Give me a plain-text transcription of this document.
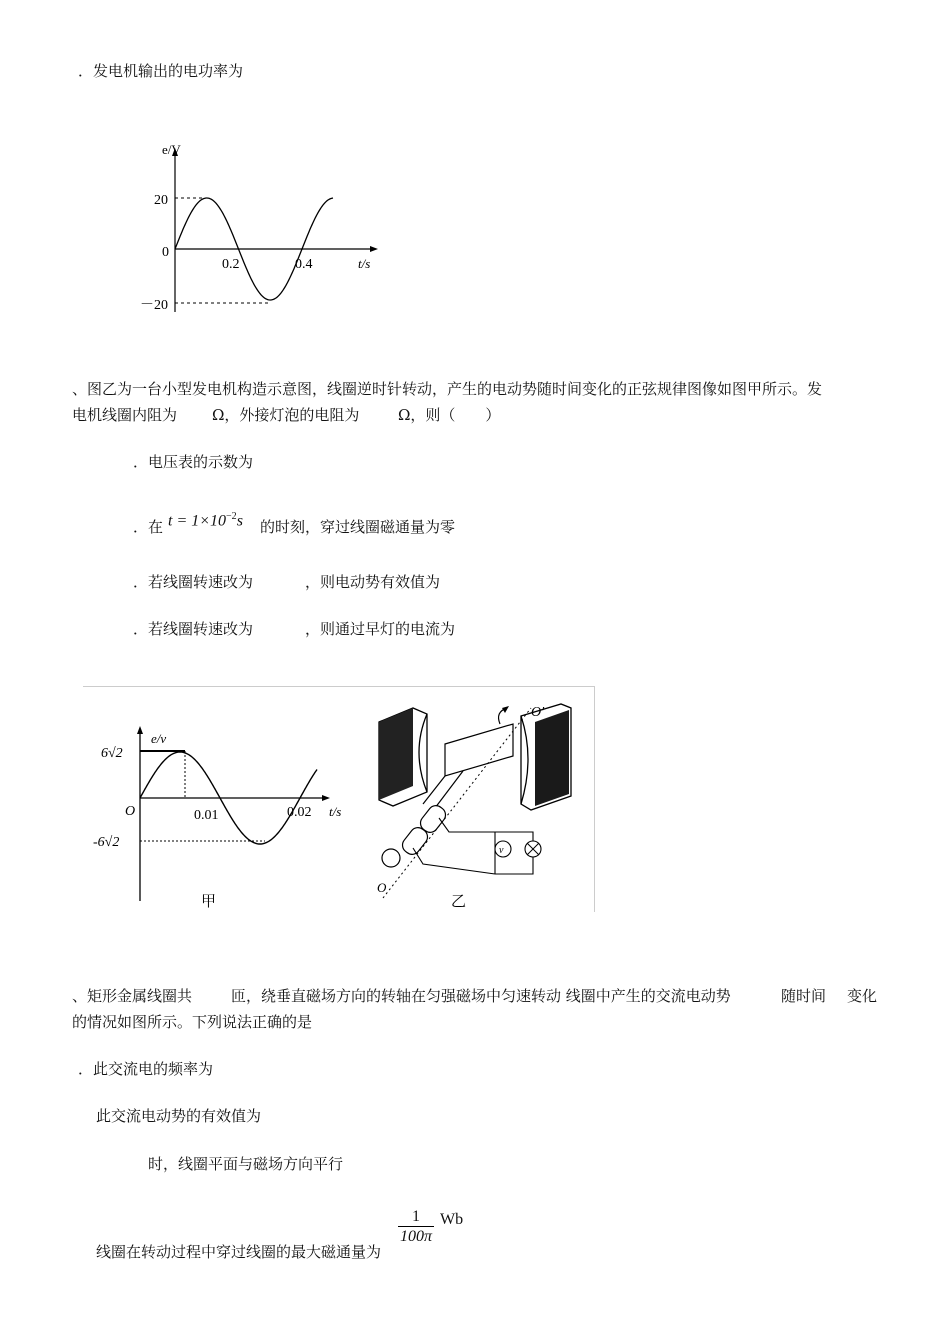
．发电机输出的电功率为
e/V
20
0
－20
0.2	0.4	t/s
、图乙为一台小型发电机构造示意图，线圈逆时针转动，产生的电动势随时间变化的正弦规律图像如图甲所示。发
电机线圈内阻为 Ω，外接灯泡的电阻为	Ω，则（　　）
．电压表的示数为
．在 $t = 1\times 10^{-2}s$ 的时刻，穿过线圈磁通量为零
．若线圈转速改为	，则电动势有效值为
．若线圈转速改为	，则通过早灯的电流为
e/v
6√2
O	0.01	0.02 t/s
-6√2
甲
v
O′
O
乙
、矩形金属线圈共	匝，绕垂直磁场方向的转轴在匀强磁场中匀速转动 线圈中产生的交流电动势	随时间 变化
的情况如图所示。下列说法正确的是
．此交流电的频率为
此交流电动势的有效值为
时，线圈平面与磁场方向平行
线圈在转动过程中穿过线圈的最大磁通量为
$\frac{1}{100\pi}$ Wb
